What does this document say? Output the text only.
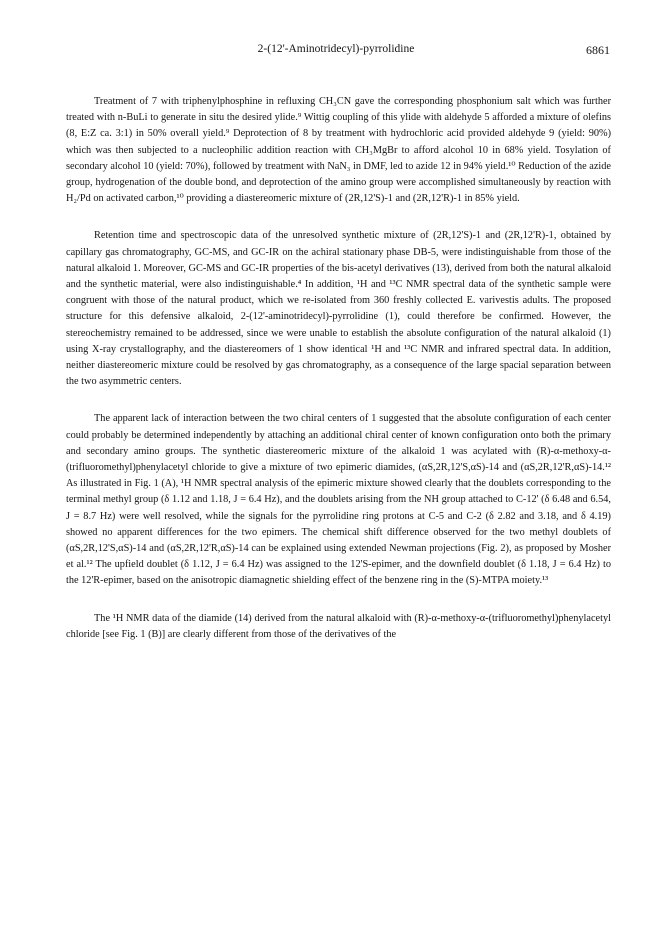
2-(12'-Aminotridecyl)-pyrrolidine	6861

Treatment of 7 with triphenylphosphine in refluxing CH₃CN gave the corresponding phosphonium salt which was further treated with n-BuLi to generate in situ the desired ylide.⁹ Wittig coupling of this ylide with aldehyde 5 afforded a mixture of olefins (8, E:Z ca. 3:1) in 50% overall yield.⁹ Deprotection of 8 by treatment with hydrochloric acid provided aldehyde 9 (yield: 90%) which was then subjected to a nucleophilic addition reaction with CH₃MgBr to afford alcohol 10 in 68% yield. Tosylation of secondary alcohol 10 (yield: 70%), followed by treatment with NaN₃ in DMF, led to azide 12 in 94% yield.¹⁰ Reduction of the azide group, hydrogenation of the double bond, and deprotection of the amino group were accomplished simultaneously by reaction with H₂/Pd on activated carbon,¹⁰ providing a diastereomeric mixture of (2R,12'S)-1 and (2R,12'R)-1 in 85% yield.

Retention time and spectroscopic data of the unresolved synthetic mixture of (2R,12'S)-1 and (2R,12'R)-1, obtained by capillary gas chromatography, GC-MS, and GC-IR on the achiral stationary phase DB-5, were indistinguishable from those of the natural alkaloid 1. Moreover, GC-MS and GC-IR properties of the bis-acetyl derivatives (13), derived from both the natural alkaloid and the synthetic material, were also indistinguishable.⁴ In addition, ¹H and ¹³C NMR spectral data of the synthetic sample were congruent with those of the natural product, which we re-isolated from 360 freshly collected E. varivestis adults. The proposed structure for this defensive alkaloid, 2-(12'-aminotridecyl)-pyrrolidine (1), could therefore be confirmed. However, the stereochemistry remained to be addressed, since we were unable to establish the absolute configuration of the natural alkaloid (1) using X-ray crystallography, and the diastereomers of 1 show identical ¹H and ¹³C NMR and infrared spectral data. In addition, neither diastereomeric mixture could be resolved by gas chromatography, as a consequence of the large spacial separation between the two asymmetric centers.

The apparent lack of interaction between the two chiral centers of 1 suggested that the absolute configuration of each center could probably be determined independently by attaching an additional chiral center of known configuration onto both the primary and secondary amino groups. The synthetic diastereomeric mixture of the alkaloid 1 was acylated with (R)-α-methoxy-α-(trifluoromethyl)phenylacetyl chloride to give a mixture of two epimeric diamides, (αS,2R,12'S,αS)-14 and (αS,2R,12'R,αS)-14.¹² As illustrated in Fig. 1 (A), ¹H NMR spectral analysis of the epimeric mixture showed clearly that the doublets corresponding to the terminal methyl group (δ 1.12 and 1.18, J = 6.4 Hz), and the doublets arising from the NH group attached to C-12' (δ 6.48 and 6.54, J = 8.7 Hz) were well resolved, while the signals for the pyrrolidine ring protons at C-5 and C-2 (δ 2.82 and 3.18, and δ 4.19) showed no apparent differences for the two epimers. The chemical shift difference observed for the two methyl doublets of (αS,2R,12'S,αS)-14 and (αS,2R,12'R,αS)-14 can be explained using extended Newman projections (Fig. 2), as proposed by Mosher et al.¹² The upfield doublet (δ 1.12, J = 6.4 Hz) was assigned to the 12'S-epimer, and the downfield doublet (δ 1.18, J = 6.4 Hz) to the 12'R-epimer, based on the anisotropic diamagnetic shielding effect of the benzene ring in the (S)-MTPA moiety.¹³

The ¹H NMR data of the diamide (14) derived from the natural alkaloid with (R)-α-methoxy-α-(trifluoromethyl)phenylacetyl chloride [see Fig. 1 (B)] are clearly different from those of the derivatives of the
